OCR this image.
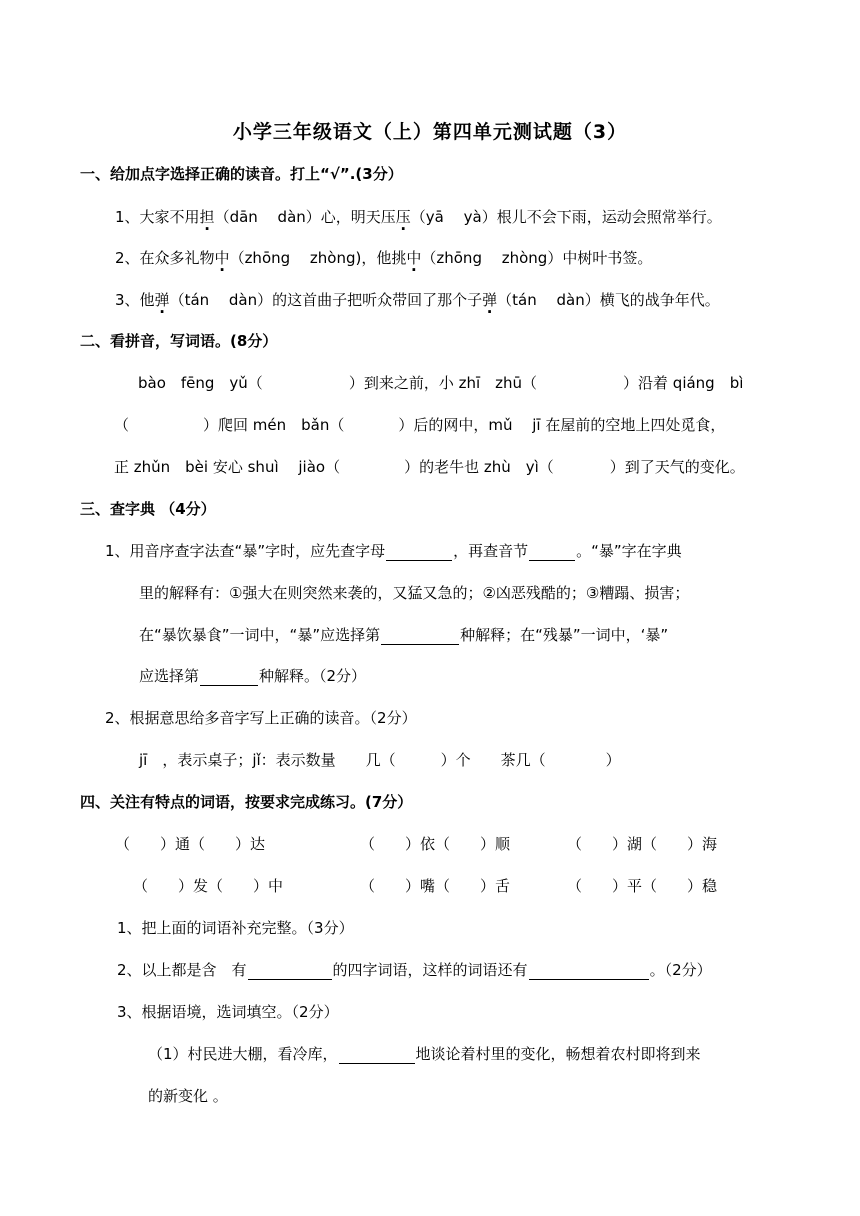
小学三年级语文（上）第四单元测试题（3）
一、给加点字选择正确的读音。打上“√”.(3分）
1、大家不用担（dān　 dàn）心，明天压压（yā　 yà）根儿不会下雨，运动会照常举行。
2、在众多礼物中（zhōng　 zhòng)，他挑中（zhōng　 zhòng）中树叶书签。
3、他弹（tán　 dàn）的这首曲子把听众带回了那个子弹（tán　 dàn）横飞的战争年代。
二、看拼音，写词语。(8分）
bào　fēng　yǔ（	）到来之前，小 zhī　zhū（	）沿着 qiáng　bì
（	）爬回 mén　bǎn（	）后的网中，mǔ　 jī 在屋前的空地上四处觅食，
正 zhǔn　bèi 安心 shuì　 jiào（	）的老牛也 zhù　yì（	）到了天气的变化。
三、查字典 （4分）
1、用音序查字法查“暴”字时，应先查字母	，再查音节	。“暴”字在字典
里的解释有：①强大在则突然来袭的，又猛又急的；②凶恶残酷的；③糟蹋、损害；
在“暴饮暴食”一词中，“暴”应选择第	种解释；在“残暴”一词中，‘暴”
应选择第	种解释。（2分）
2、根据意思给多音字写上正确的读音。（2分）
jī　，表示桌子；jǐ：表示数量　　几（　　　）个　　茶几（　　　　）
四、关注有特点的词语，按要求完成练习。(7分）
（　　）通（　　）达	（　　）依（　　）顺	（　　）湖（　　）海
（　　）发（　　）中	（　　）嘴（　　）舌	（　　）平（　　）稳
1、把上面的词语补充完整。（3分）
2、以上都是含　有	的四字词语，这样的词语还有	。（2分）
3、根据语境，选词填空。（2分）
（1）村民进大棚，看冷库，	地谈论着村里的变化，畅想着农村即将到来
的新变化 。
